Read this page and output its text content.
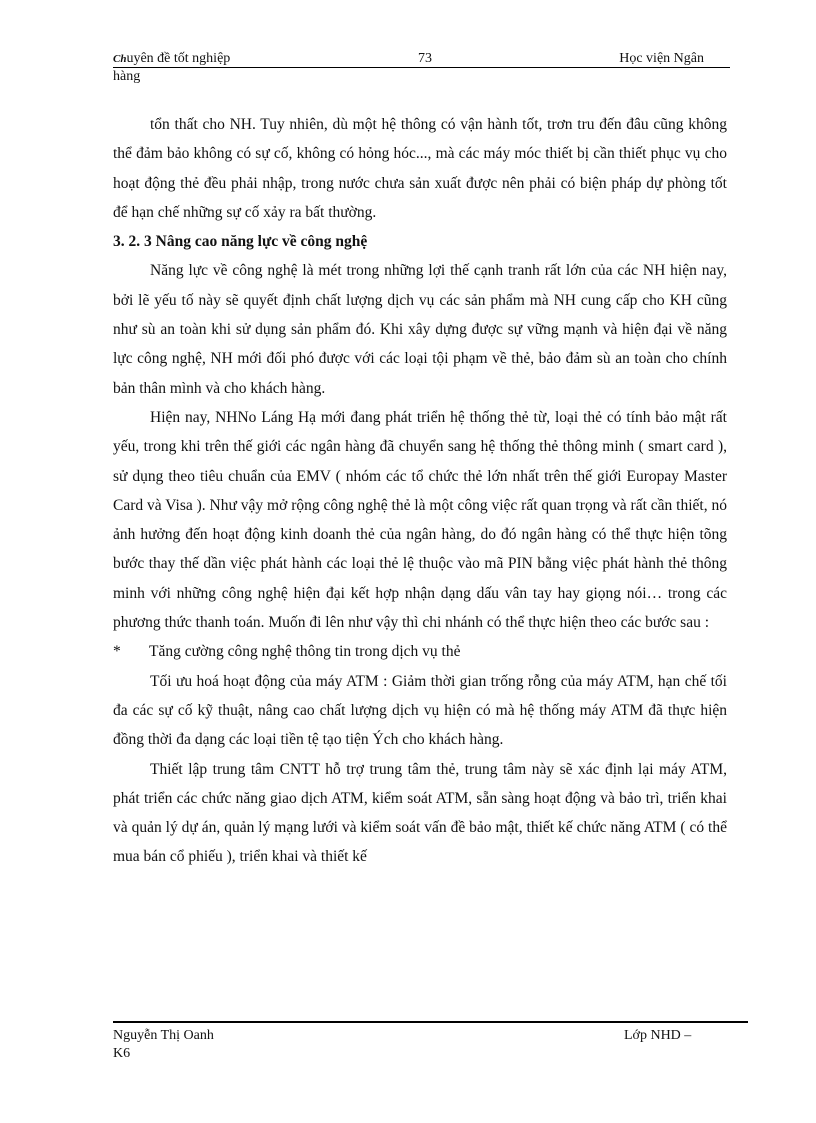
Chuyên đề tốt nghiệp	73	Học viện Ngân
hàng

tổn thất cho NH. Tuy nhiên, dù một hệ thông có vận hành tốt, trơn tru đến đâu cũng không thể đảm bảo không có sự cố, không có hỏng hóc..., mà các máy móc thiết bị cần thiết phục vụ cho hoạt động thẻ đều phải nhập, trong nước chưa sản xuất được nên phải có biện pháp dự phòng tốt để hạn chế những sự cố xảy ra bất thường.

3. 2. 3 Nâng cao năng lực về công nghệ

Năng lực về công nghệ là mét trong những lợi thế cạnh tranh rất lớn của các NH hiện nay, bởi lẽ yếu tố này sẽ quyết định chất lượng dịch vụ các sản phẩm mà NH cung cấp cho KH cũng như sù an toàn khi sử dụng sản phẩm đó. Khi xây dựng được sự vững mạnh và hiện đại về năng lực công nghệ, NH mới đối phó được với các loại tội phạm về thẻ, bảo đảm sù an toàn cho chính bản thân mình và cho khách hàng.

Hiện nay, NHNo Láng Hạ mới đang phát triển hệ thống thẻ từ, loại thẻ có tính bảo mật rất yếu, trong khi trên thế giới các ngân hàng đã chuyển sang hệ thống thẻ thông minh ( smart card ), sử dụng theo tiêu chuẩn của EMV ( nhóm các tổ chức thẻ lớn nhất trên thế giới Europay Master Card và Visa ). Như vậy mở rộng công nghệ thẻ là một công việc rất quan trọng và rất cần thiết, nó ảnh hưởng đến hoạt động kinh doanh thẻ của ngân hàng, do đó ngân hàng có thể thực hiện tõng bước thay thế dần việc phát hành các loại thẻ lệ thuộc vào mã PIN bằng việc phát hành thẻ thông minh với những công nghệ hiện đại kết hợp nhận dạng dấu vân tay hay giọng nói… trong các phương thức thanh toán. Muốn đi lên như vậy thì chi nhánh có thể thực hiện theo các bước sau :

*	Tăng cường công nghệ thông tin trong dịch vụ thẻ

Tối ưu hoá hoạt động của máy ATM : Giảm thời gian trống rỗng của máy ATM, hạn chế tối đa các sự cố kỹ thuật, nâng cao chất lượng dịch vụ hiện có mà hệ thống máy ATM đã thực hiện đồng thời đa dạng các loại tiền tệ tạo tiện Ých cho khách hàng.

Thiết lập trung tâm CNTT hỗ trợ trung tâm thẻ, trung tâm này sẽ xác định lại máy ATM, phát triển các chức năng giao dịch ATM, kiểm soát ATM, sẵn sàng hoạt động và bảo trì, triển khai và quản lý dự án, quản lý mạng lưới và kiểm soát vấn đề bảo mật, thiết kế chức năng ATM ( có thể mua bán cổ phiếu ), triển khai và thiết kế

Nguyễn Thị Oanh	Lớp NHD –
K6
